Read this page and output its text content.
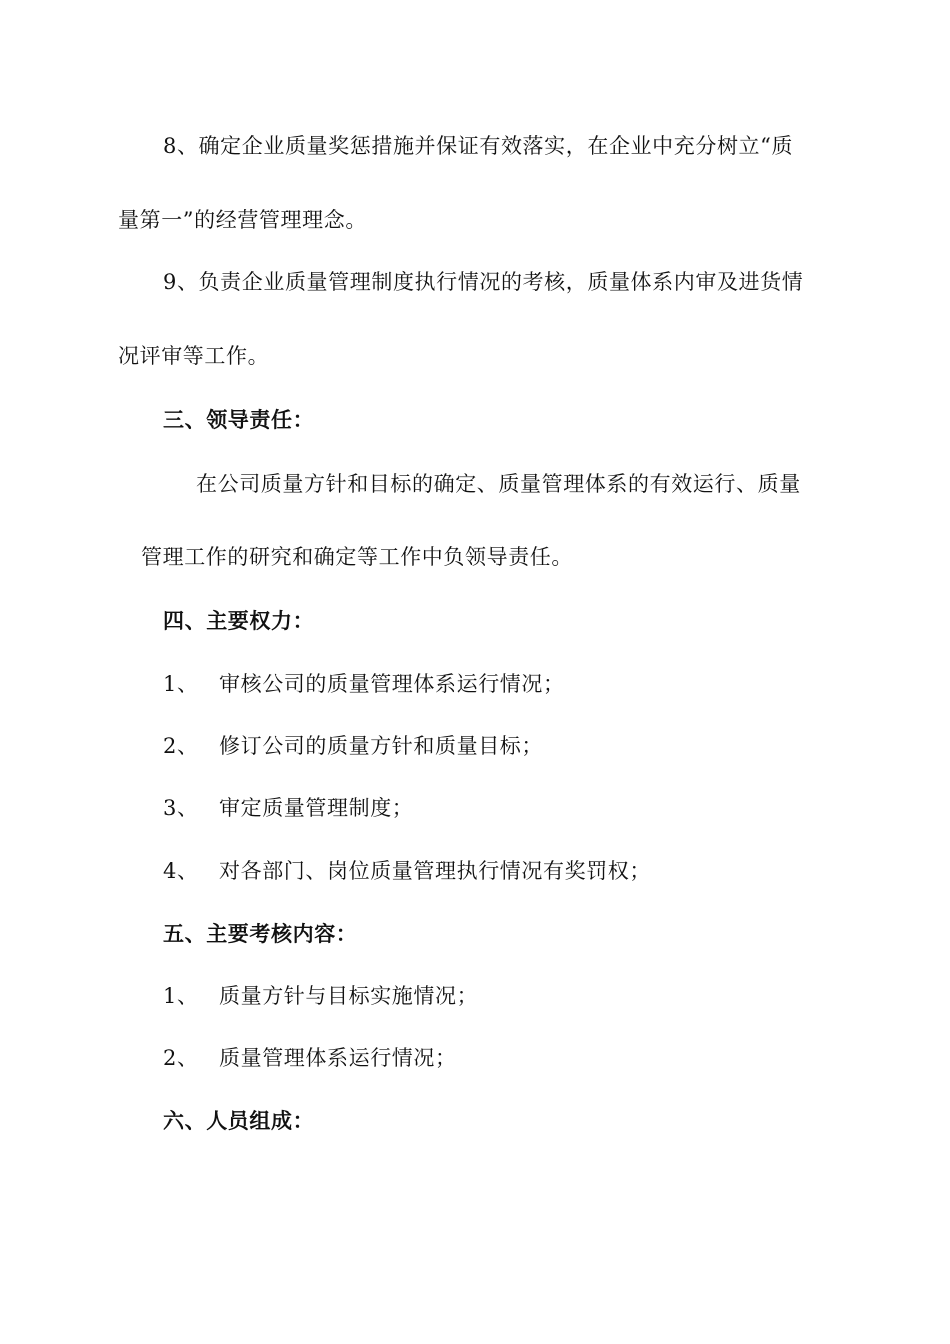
8、确定企业质量奖惩措施并保证有效落实，在企业中充分树立“质
量第一”的经营管理理念。
9、负责企业质量管理制度执行情况的考核，质量体系内审及进货情
况评审等工作。
三、领导责任：
在公司质量方针和目标的确定、质量管理体系的有效运行、质量
管理工作的研究和确定等工作中负领导责任。
四、主要权力：
1、 审核公司的质量管理体系运行情况；
2、 修订公司的质量方针和质量目标；
3、 审定质量管理制度；
4、 对各部门、岗位质量管理执行情况有奖罚权；
五、主要考核内容：
1、 质量方针与目标实施情况；
2、 质量管理体系运行情况；
六、人员组成：
